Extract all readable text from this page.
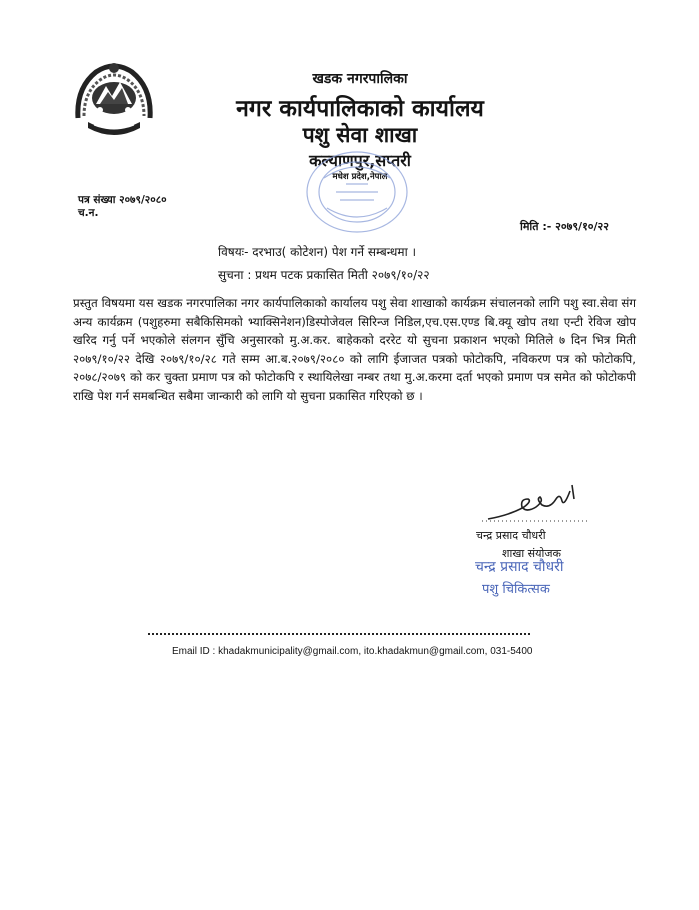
खडक नगरपालिका
नगर कार्यपालिकाको कार्यालय
पशु सेवा शाखा
कल्याणपुर,सप्तरी
मधेश प्रदेश,नेपाल
पत्र संख्या २०७९/२०८०
च.न.
मिति :- २०७९/१०/२२
विषयः- दरभाउ( कोटेशन) पेश गर्ने सम्बन्धमा ।
सुचना : प्रथम पटक प्रकासित मिती २०७९/१०/२२
प्रस्तुत विषयमा यस खडक नगरपालिका नगर कार्यपालिकाको कार्यालय पशु सेवा शाखाको कार्यक्रम संचालनको लागि पशु स्वा.सेवा संग अन्य कार्यक्रम (पशुहरुमा सबैकिसिमको भ्याक्सिनेशन)डिस्पोजेवल सिरिन्ज निडिल,एच.एस.एण्ड बि.क्यू खोप तथा एन्टी रेविज खोप खरिद गर्नु पर्ने भएकोले संलगन सुँचि अनुसारको मु.अ.कर. बाहेकको दररेट यो सुचना प्रकाशन भएको मितिले ७ दिन भित्र मिती २०७९/१०/२२ देखि २०७९/१०/२८ गते सम्म आ.ब.२०७९/२०८० को लागि ईजाजत पत्रको फोटोकपि, नविकरण पत्र को फोटोकपि, २०७८/२०७९ को कर चुक्ता प्रमाण पत्र को फोटोकपि र स्थायिलेखा नम्बर तथा मु.अ.करमा दर्ता भएको प्रमाण पत्र समेत को फोटोकपी राखि पेश गर्न समबन्धित सबैमा जान्कारी को लागि यो सुचना प्रकासित गरिएको छ ।
चन्द्र प्रसाद चौधरी
शाखा संयोजक
चन्द्र प्रसाद चौधरी
पशु चिकित्सक
Email ID : khadakmunicipality@gmail.com, ito.khadakmun@gmail.com, 031-5400
